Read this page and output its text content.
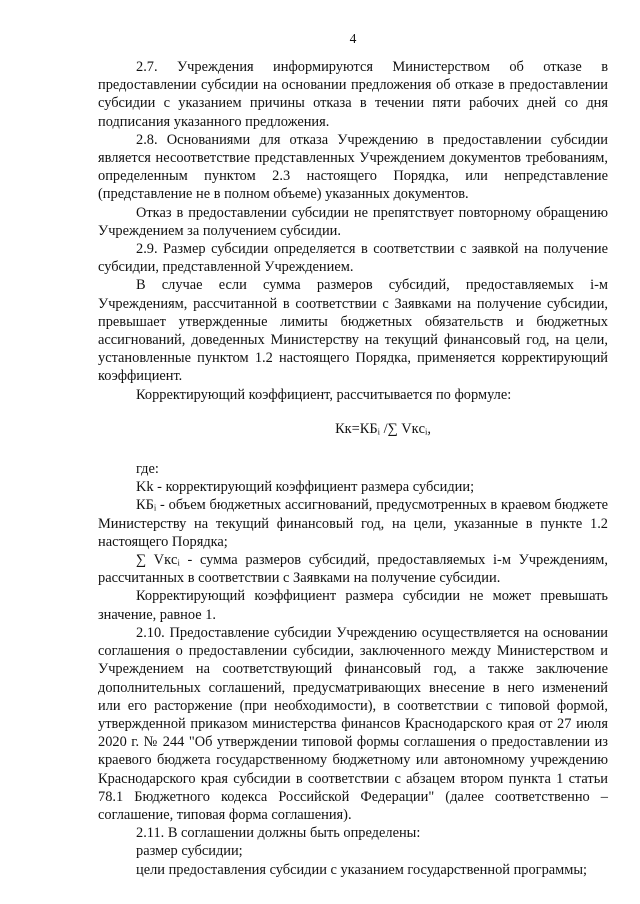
4

2.7. Учреждения информируются Министерством об отказе в предоставлении субсидии на основании предложения об отказе в предоставлении субсидии с указанием причины отказа в течении пяти рабочих дней со дня подписания указанного предложения.

2.8. Основаниями для отказа Учреждению в предоставлении субсидии является несоответствие представленных Учреждением документов требованиям, определенным пунктом 2.3 настоящего Порядка, или непредставление (представление не в полном объеме) указанных документов.

Отказ в предоставлении субсидии не препятствует повторному обращению Учреждением за получением субсидии.

2.9. Размер субсидии определяется в соответствии с заявкой на получение субсидии, представленной Учреждением.

В случае если сумма размеров субсидий, предоставляемых i-м Учреждениям, рассчитанной в соответствии с Заявками на получение субсидии, превышает утвержденные лимиты бюджетных обязательств и бюджетных ассигнований, доведенных Министерству на текущий финансовый год, на цели, установленные пунктом 1.2 настоящего Порядка, применяется корректирующий коэффициент.

Корректирующий коэффициент, рассчитывается по формуле:

Кк=КБᵢ /∑ Vкcᵢ,

где:

Kk - корректирующий коэффициент размера субсидии;

КБᵢ - объем бюджетных ассигнований, предусмотренных в краевом бюджете Министерству на текущий финансовый год, на цели, указанные в пункте 1.2 настоящего Порядка;

∑ Vкcᵢ - сумма размеров субсидий, предоставляемых i-м Учреждениям, рассчитанных в соответствии с Заявками на получение субсидии.

Корректирующий коэффициент размера субсидии не может превышать значение, равное 1.

2.10. Предоставление субсидии Учреждению осуществляется на основании соглашения о предоставлении субсидии, заключенного между Министерством и Учреждением на соответствующий финансовый год, а также заключение дополнительных соглашений, предусматривающих внесение в него изменений или его расторжение (при необходимости), в соответствии с типовой формой, утвержденной приказом министерства финансов Краснодарского края от 27 июля 2020 г. № 244 "Об утверждении типовой формы соглашения о предоставлении из краевого бюджета государственному бюджетному или автономному учреждению Краснодарского края субсидии в соответствии с абзацем втором пункта 1 статьи 78.1 Бюджетного кодекса Российской Федерации" (далее соответственно – соглашение, типовая форма соглашения).

2.11. В соглашении должны быть определены:

размер субсидии;

цели предоставления субсидии с указанием государственной программы;
